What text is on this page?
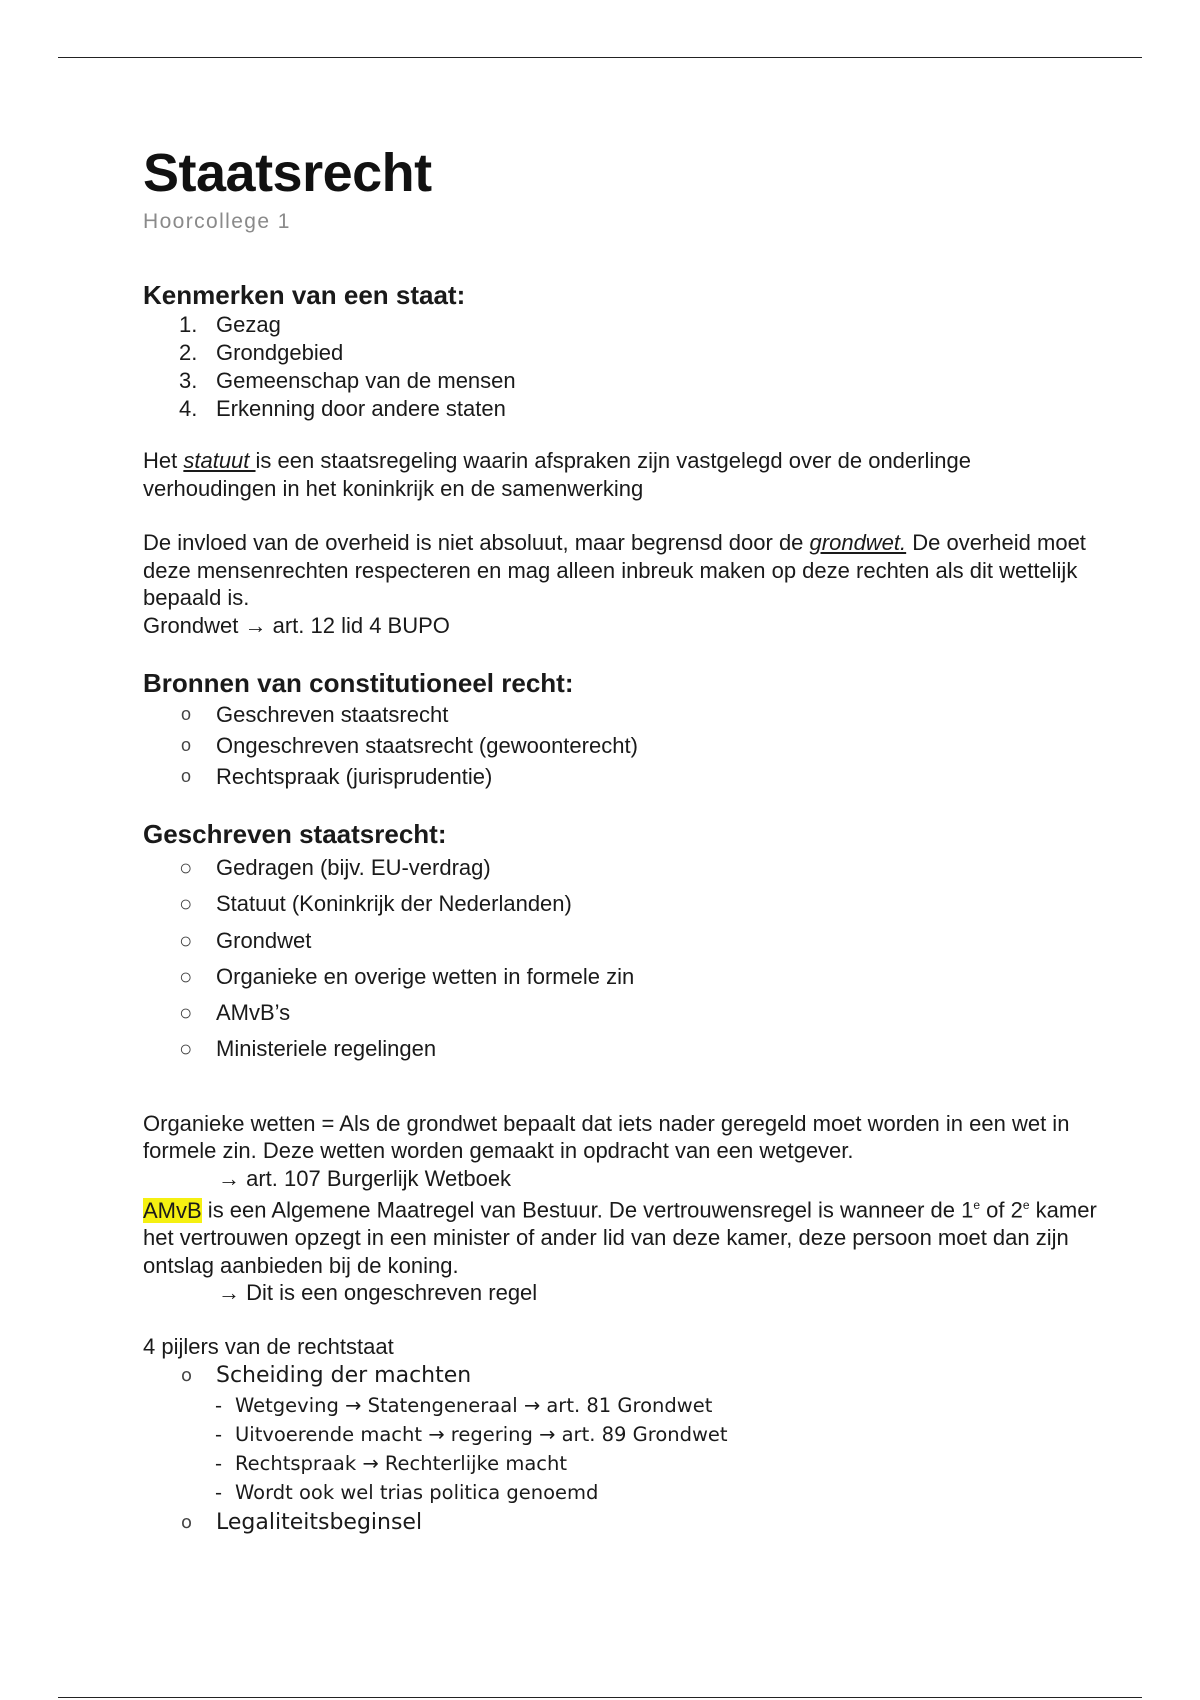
Staatsrecht
Hoorcollege 1
Kenmerken van een staat:
1. Gezag
2. Grondgebied
3. Gemeenschap van de mensen
4. Erkenning door andere staten

Het statuut is een staatsregeling waarin afspraken zijn vastgelegd over de onderlinge verhoudingen in het koninkrijk en de samenwerking

De invloed van de overheid is niet absoluut, maar begrensd door de grondwet. De overheid moet deze mensenrechten respecteren en mag alleen inbreuk maken op deze rechten als dit wettelijk bepaald is.

Grondwet → art. 12 lid 4 BUPO

Bronnen van constitutioneel recht:
o Geschreven staatsrecht
o Ongeschreven staatsrecht (gewoonterecht)
o Rechtspraak (jurisprudentie)
Geschreven staatsrecht:
○ Gedragen (bijv. EU-verdrag)
○ Statuut (Koninkrijk der Nederlanden)
○ Grondwet
○ Organieke en overige wetten in formele zin
○ AMvB’s
○ Ministeriele regelingen

Organieke wetten = Als de grondwet bepaalt dat iets nader geregeld moet worden in een wet in formele zin. Deze wetten worden gemaakt in opdracht van een wetgever.

→ art. 107 Burgerlijk Wetboek

AMvB is een Algemene Maatregel van Bestuur. De vertrouwensregel is wanneer de 1e of 2e kamer het vertrouwen opzegt in een minister of ander lid van deze kamer, deze persoon moet dan zijn ontslag aanbieden bij de koning.

→ Dit is een ongeschreven regel

4 pijlers van de rechtstaat

o Scheiding der machten
- Wetgeving → Statengeneraal → art. 81 Grondwet
- Uitvoerende macht → regering → art. 89 Grondwet
- Rechtspraak → Rechterlijke macht
- Wordt ook wel trias politica genoemd
o Legaliteitsbeginsel
